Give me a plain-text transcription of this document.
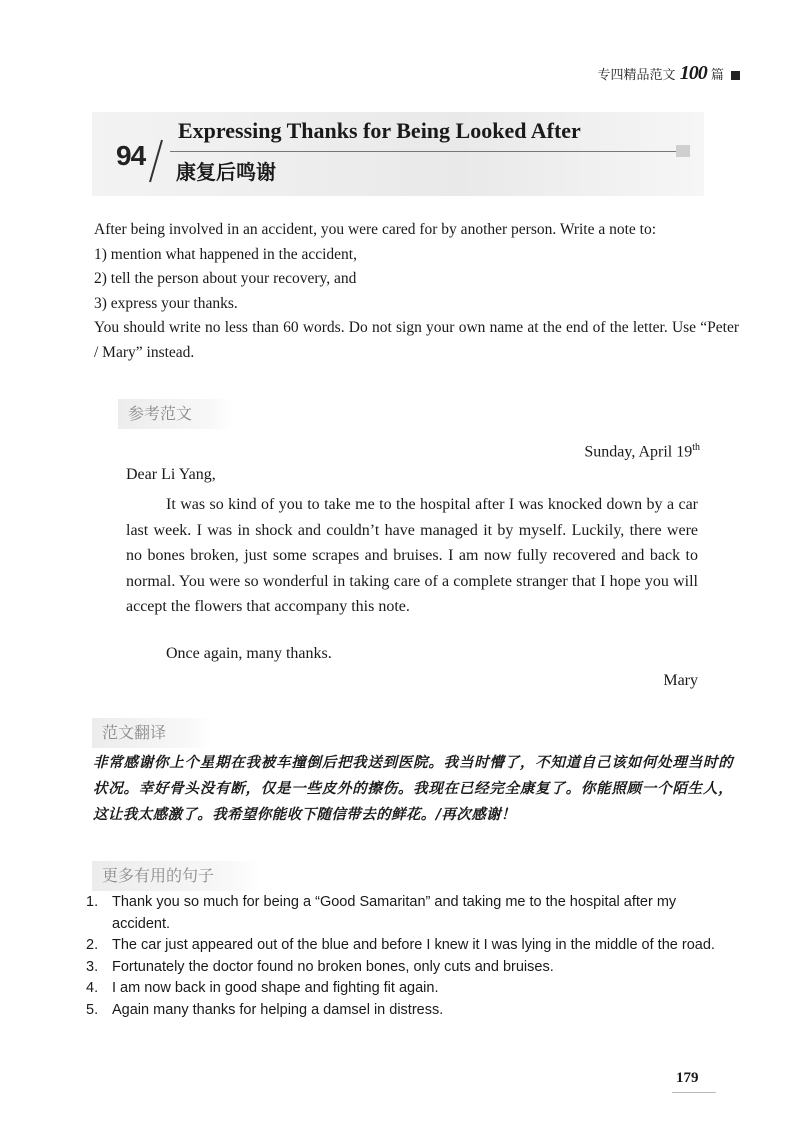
专四精品范文 100 篇
94
Expressing Thanks for Being Looked After
康复后鸣谢

After being involved in an accident, you were cared for by another person. Write a note to:

1) mention what happened in the accident,

2) tell the person about your recovery, and

3) express your thanks.

You should write no less than 60 words. Do not sign your own name at the end of the letter. Use “Peter / Mary” instead.

参考范文
Sunday, April 19th
Dear Li Yang,

It was so kind of you to take me to the hospital after I was knocked down by a car last week. I was in shock and couldn’t have managed it by myself. Luckily, there were no bones broken, just some scrapes and bruises. I am now fully recovered and back to normal. You were so wonderful in taking care of a complete stranger that I hope you will accept the flowers that accompany this note.

Once again, many thanks.
Mary
范文翻译

非常感谢你上个星期在我被车撞倒后把我送到医院。我当时懵了，不知道自己该如何处理当时的状况。幸好骨头没有断，仅是一些皮外的擦伤。我现在已经完全康复了。你能照顾一个陌生人，这让我太感激了。我希望你能收下随信带去的鲜花。/再次感谢！

更多有用的句子
1. Thank you so much for being a “Good Samaritan” and taking me to the hospital after my accident.
2. The car just appeared out of the blue and before I knew it I was lying in the middle of the road.
3. Fortunately the doctor found no broken bones, only cuts and bruises.
4. I am now back in good shape and fighting fit again.
5. Again many thanks for helping a damsel in distress.
179
